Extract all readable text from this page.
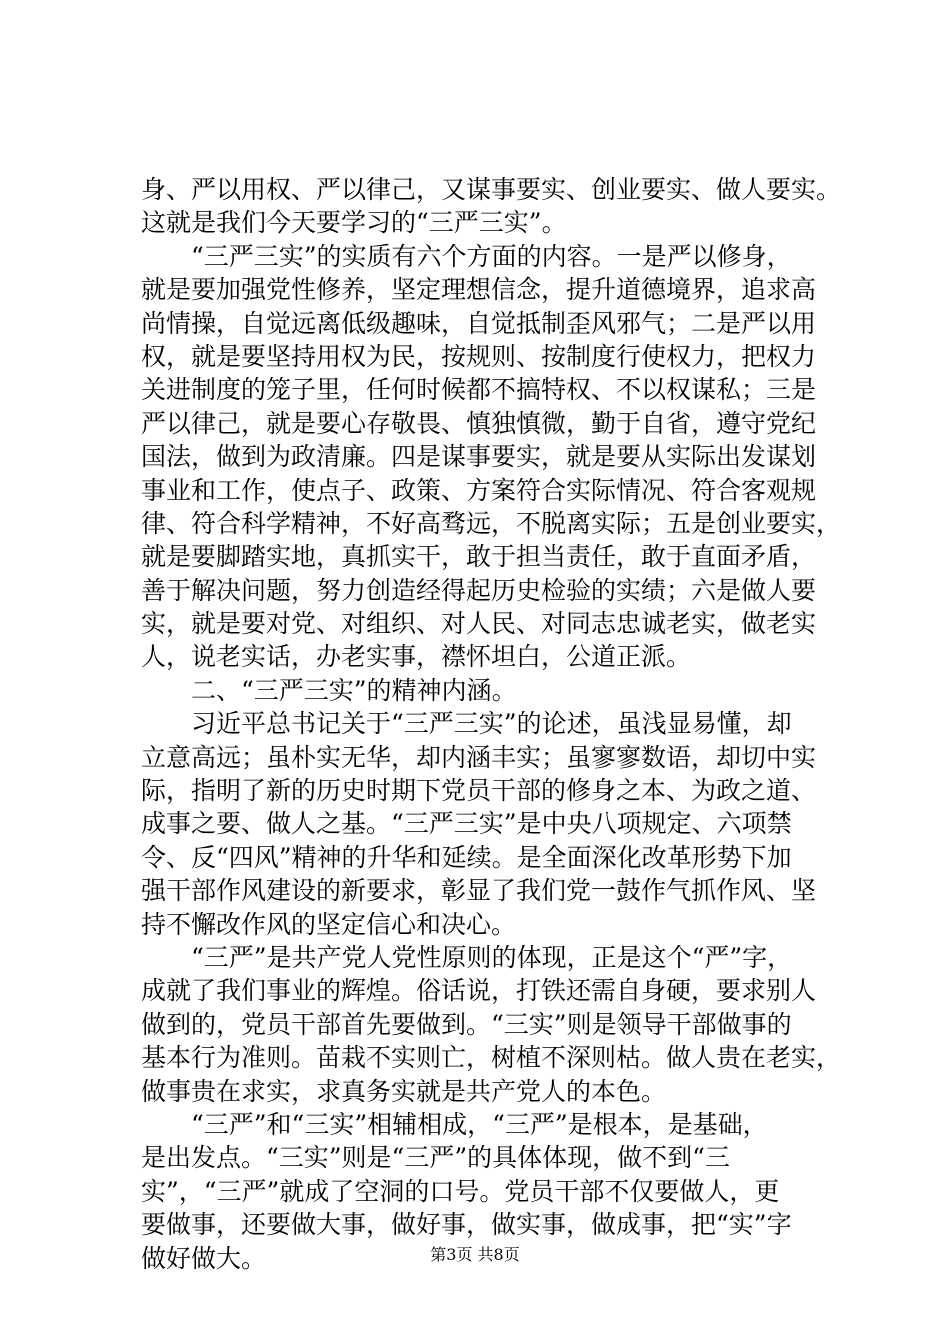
身、严以用权、严以律己，又谋事要实、创业要实、做人要实。
这就是我们今天要学习的“三严三实”。
“三严三实”的实质有六个方面的内容。一是严以修身，
就是要加强党性修养，坚定理想信念，提升道德境界，追求高
尚情操，自觉远离低级趣味，自觉抵制歪风邪气；二是严以用
权，就是要坚持用权为民，按规则、按制度行使权力，把权力
关进制度的笼子里，任何时候都不搞特权、不以权谋私；三是
严以律己，就是要心存敬畏、慎独慎微，勤于自省，遵守党纪
国法，做到为政清廉。四是谋事要实，就是要从实际出发谋划
事业和工作，使点子、政策、方案符合实际情况、符合客观规
律、符合科学精神，不好高骛远，不脱离实际；五是创业要实，
就是要脚踏实地，真抓实干，敢于担当责任，敢于直面矛盾，
善于解决问题，努力创造经得起历史检验的实绩；六是做人要
实，就是要对党、对组织、对人民、对同志忠诚老实，做老实
人，说老实话，办老实事，襟怀坦白，公道正派。
二、“三严三实”的精神内涵。
习近平总书记关于“三严三实”的论述，虽浅显易懂，却
立意高远；虽朴实无华，却内涵丰实；虽寥寥数语，却切中实
际，指明了新的历史时期下党员干部的修身之本、为政之道、
成事之要、做人之基。“三严三实”是中央八项规定、六项禁
令、反“四风”精神的升华和延续。是全面深化改革形势下加
强干部作风建设的新要求，彰显了我们党一鼓作气抓作风、坚
持不懈改作风的坚定信心和决心。
“三严”是共产党人党性原则的体现，正是这个“严”字，
成就了我们事业的辉煌。俗话说，打铁还需自身硬，要求别人
做到的，党员干部首先要做到。“三实”则是领导干部做事的
基本行为准则。苗栽不实则亡，树植不深则枯。做人贵在老实，
做事贵在求实，求真务实就是共产党人的本色。
“三严”和“三实”相辅相成，“三严”是根本，是基础，
是出发点。“三实”则是“三严”的具体体现，做不到“三
实”，“三严”就成了空洞的口号。党员干部不仅要做人，更
要做事，还要做大事，做好事，做实事，做成事，把“实”字
做好做大。	第3页 共8页
